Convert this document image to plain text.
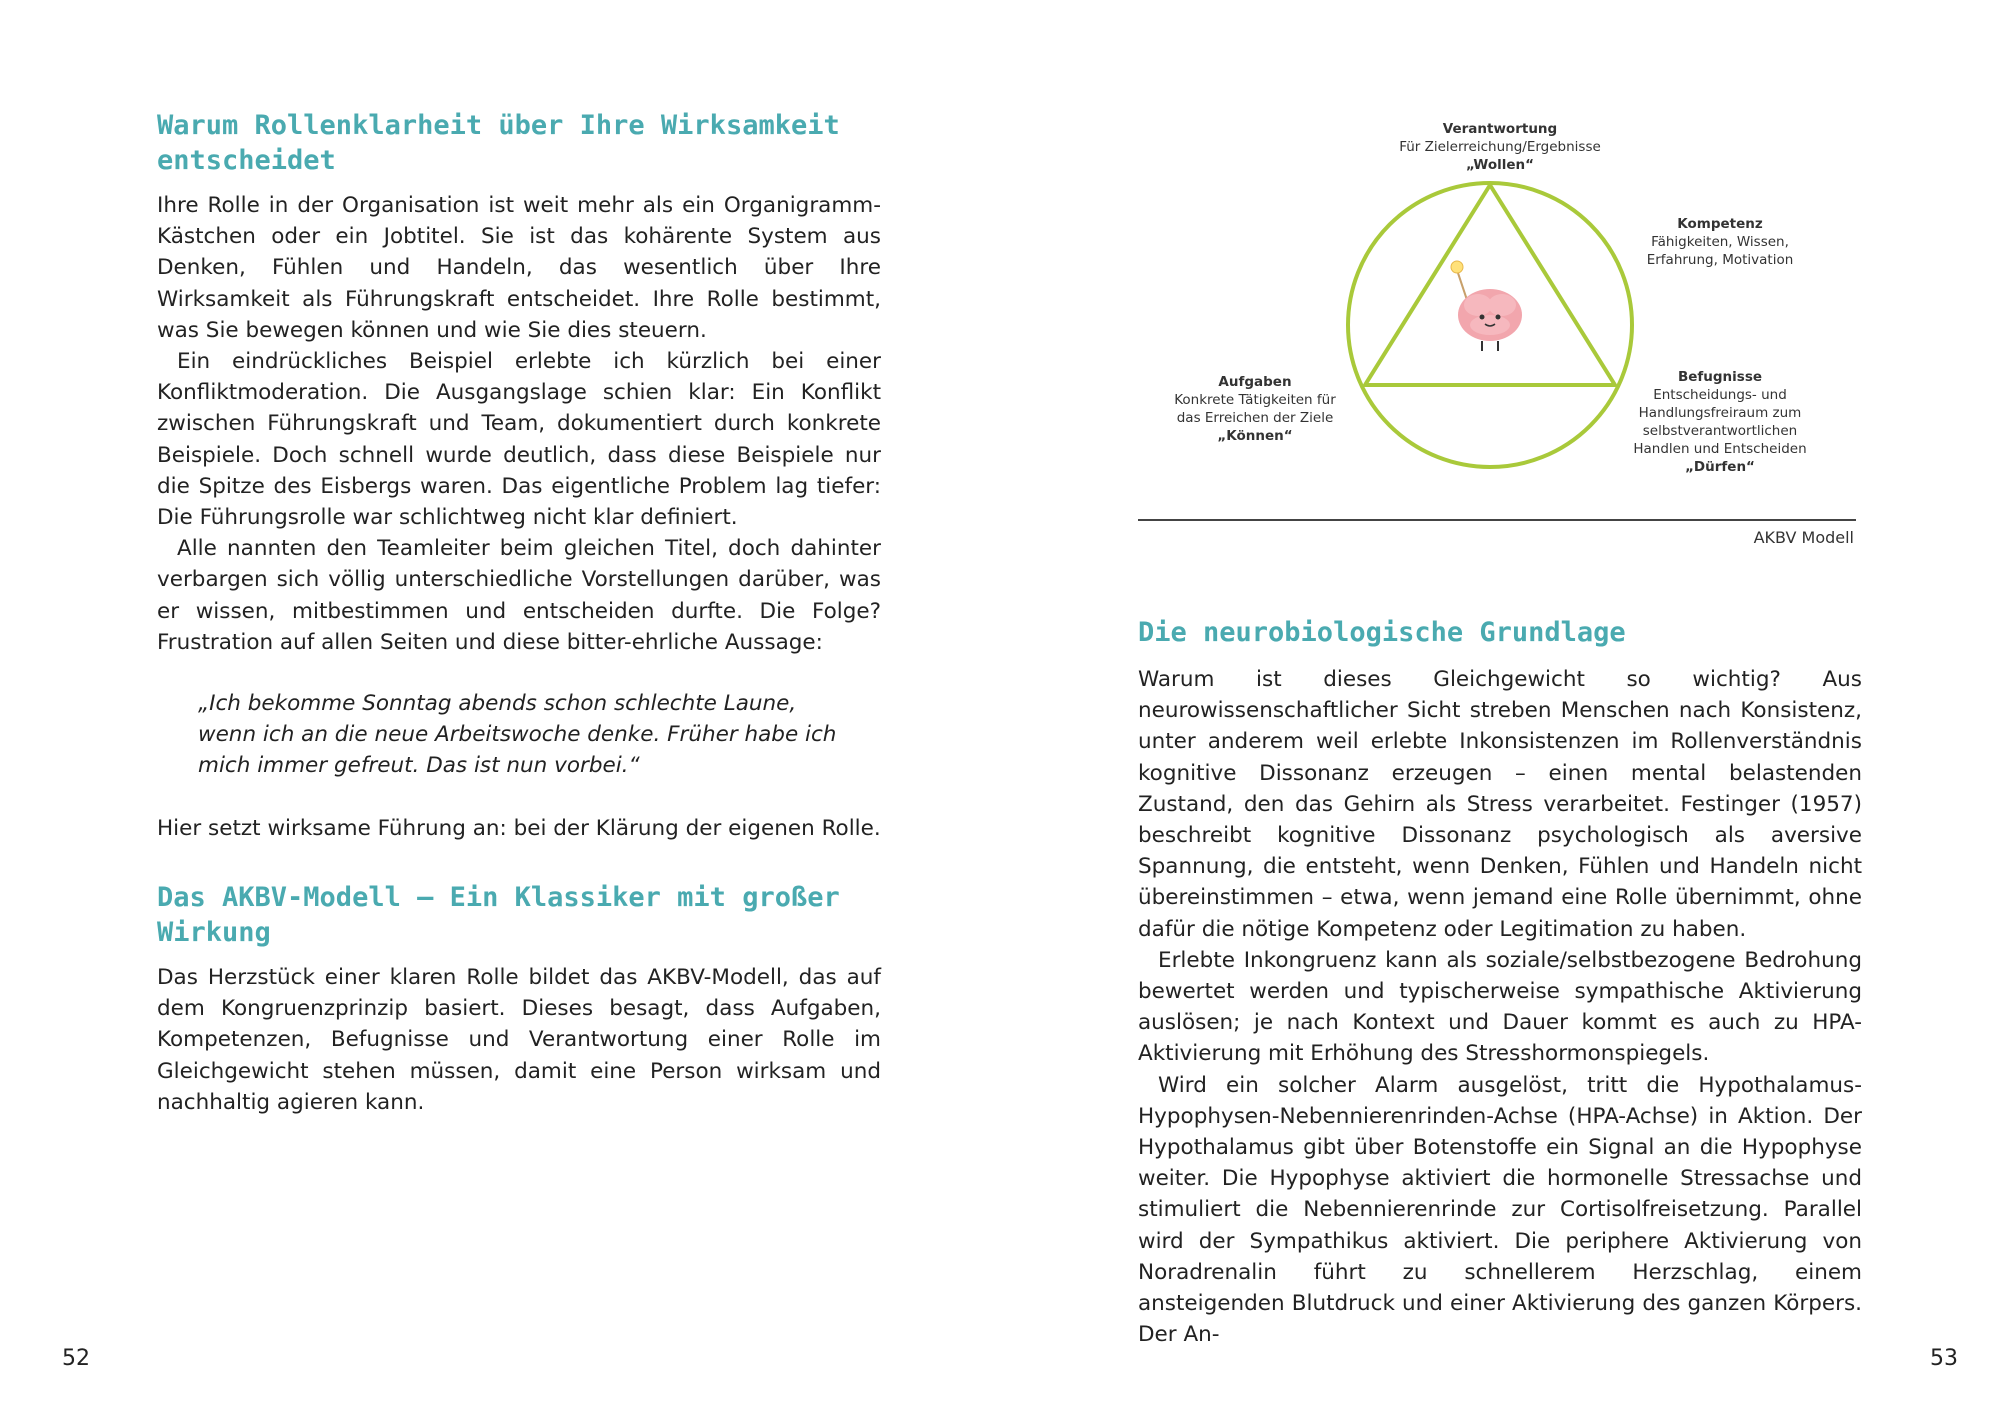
Warum Rollenklarheit über Ihre Wirksamkeit
entscheidet

Ihre Rolle in der Organisation ist weit mehr als ein Organigramm-Kästchen oder ein Jobtitel. Sie ist das kohärente System aus Denken, Fühlen und Handeln, das wesentlich über Ihre Wirksamkeit als Führungskraft entscheidet. Ihre Rolle bestimmt, was Sie bewegen können und wie Sie dies steuern.

Ein eindrückliches Beispiel erlebte ich kürzlich bei einer Konfliktmoderation. Die Ausgangslage schien klar: Ein Konflikt zwischen Führungskraft und Team, dokumentiert durch konkrete Beispiele. Doch schnell wurde deutlich, dass diese Beispiele nur die Spitze des Eisbergs waren. Das eigentliche Problem lag tiefer: Die Führungsrolle war schlichtweg nicht klar definiert.

Alle nannten den Teamleiter beim gleichen Titel, doch dahinter verbargen sich völlig unterschiedliche Vorstellungen darüber, was er wissen, mitbestimmen und entscheiden durfte. Die Folge? Frustration auf allen Seiten und diese bitter-ehrliche Aussage:

„Ich bekomme Sonntag abends schon schlechte Laune,
wenn ich an die neue Arbeitswoche denke. Früher habe ich
mich immer gefreut. Das ist nun vorbei.“

Hier setzt wirksame Führung an: bei der Klärung der eigenen Rolle.

Das AKBV-Modell – Ein Klassiker mit großer
Wirkung

Das Herzstück einer klaren Rolle bildet das AKBV-Modell, das auf dem Kongruenzprinzip basiert. Dieses besagt, dass Aufgaben, Kompetenzen, Befugnisse und Verantwortung einer Rolle im Gleichgewicht stehen müssen, damit eine Person wirksam und nachhaltig agieren kann.

52	53
Verantwortung
Für Zielerreichung/Ergebnisse
„Wollen“
Kompetenz
Fähigkeiten, Wissen,
Erfahrung, Motivation
Aufgaben
Konkrete Tätigkeiten für
das Erreichen der Ziele
„Können“
Befugnisse
Entscheidungs- und
Handlungsfreiraum zum
selbstverantwortlichen
Handlen und Entscheiden
„Dürfen“
AKBV Modell
Die neurobiologische Grundlage

Warum ist dieses Gleichgewicht so wichtig? Aus neurowissenschaftlicher Sicht streben Menschen nach Konsistenz, unter anderem weil erlebte Inkonsistenzen im Rollenverständnis kognitive Dissonanz erzeugen – einen mental belastenden Zustand, den das Gehirn als Stress verarbeitet. Festinger (1957) beschreibt kognitive Dissonanz psychologisch als aversive Spannung, die entsteht, wenn Denken, Fühlen und Handeln nicht übereinstimmen – etwa, wenn jemand eine Rolle übernimmt, ohne dafür die nötige Kompetenz oder Legitimation zu haben.

Erlebte Inkongruenz kann als soziale/selbstbezogene Bedrohung bewertet werden und typischerweise sympathische Aktivierung auslösen; je nach Kontext und Dauer kommt es auch zu HPA-Aktivierung mit Erhöhung des Stresshormonspiegels.

Wird ein solcher Alarm ausgelöst, tritt die Hypothalamus-Hypophysen-Nebennierenrinden-Achse (HPA-Achse) in Aktion. Der Hypothalamus gibt über Botenstoffe ein Signal an die Hypophyse weiter. Die Hypophyse aktiviert die hormonelle Stressachse und stimuliert die Nebennierenrinde zur Cortisolfreisetzung. Parallel wird der Sympathikus aktiviert. Die periphere Aktivierung von Noradrenalin führt zu schnellerem Herzschlag, einem ansteigenden Blutdruck und einer Aktivierung des ganzen Körpers. Der An-
